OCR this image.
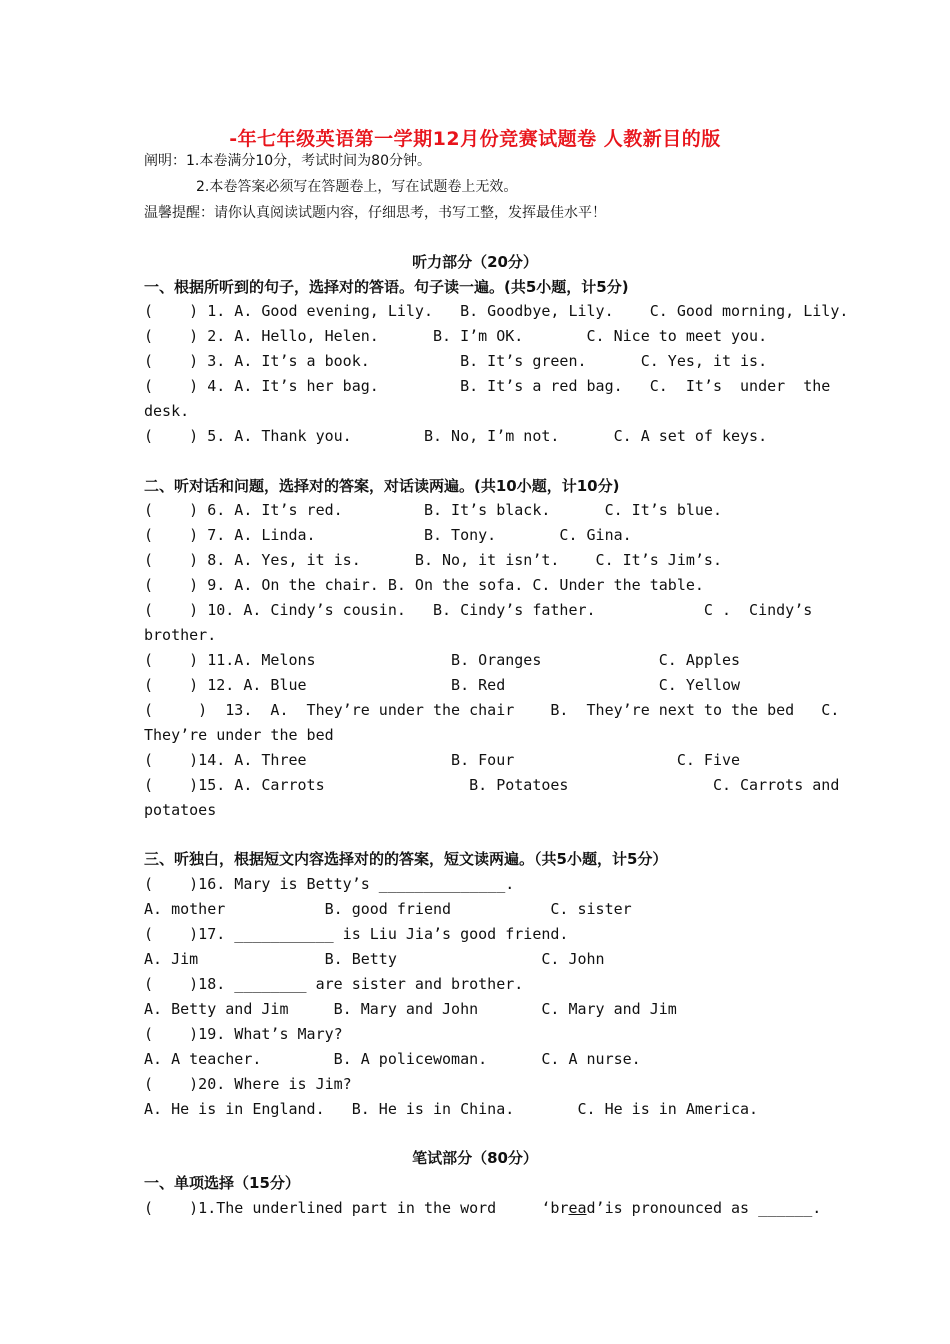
-年七年级英语第一学期12月份竞赛试题卷 人教新目的版
阐明：1.本卷满分10分，考试时间为80分钟。
2.本卷答案必须写在答题卷上，写在试题卷上无效。
温馨提醒：请你认真阅读试题内容，仔细思考，书写工整，发挥最佳水平！
听力部分（20分）
一、根据所听到的句子，选择对的答语。句子读一遍。(共5小题，计5分)
(    ) 1. A. Good evening, Lily.   B. Goodbye, Lily.    C. Good morning, Lily.
(    ) 2. A. Hello, Helen.      B. I’m OK.       C. Nice to meet you.
(    ) 3. A. It’s a book.          B. It’s green.      C. Yes, it is.
(    ) 4. A. It’s her bag.         B. It’s a red bag.   C.  It’s  under  the
desk.
(    ) 5. A. Thank you.        B. No, I’m not.      C. A set of keys.
二、听对话和问题，选择对的答案，对话读两遍。(共10小题，计10分)
(    ) 6. A. It’s red.         B. It’s black.      C. It’s blue.
(    ) 7. A. Linda.            B. Tony.       C. Gina.
(    ) 8. A. Yes, it is.      B. No, it isn’t.    C. It’s Jim’s.
(    ) 9. A. On the chair. B. On the sofa. C. Under the table.
(    ) 10. A. Cindy’s cousin.   B. Cindy’s father.            C .  Cindy’s
brother.
(    ) 11.A. Melons               B. Oranges             C. Apples
(    ) 12. A. Blue                B. Red                 C. Yellow
(     )  13.  A.  They’re under the chair    B.  They’re next to the bed   C.
They’re under the bed
(    )14. A. Three                B. Four                  C. Five
(    )15. A. Carrots                B. Potatoes                C. Carrots and
potatoes
三、听独白，根据短文内容选择对的的答案，短文读两遍。（共5小题，计5分）
(    )16. Mary is Betty’s ______________.
A. mother           B. good friend           C. sister
(    )17. ___________ is Liu Jia’s good friend.
A. Jim              B. Betty                C. John
(    )18. ________ are sister and brother.
A. Betty and Jim     B. Mary and John       C. Mary and Jim
(    )19. What’s Mary?
A. A teacher.        B. A policewoman.      C. A nurse.
(    )20. Where is Jim?
A. He is in England.   B. He is in China.       C. He is in America.
笔试部分（80分）
一、单项选择（15分）
(    )1.The underlined part in the word     ‘bread’is pronounced as ______.
